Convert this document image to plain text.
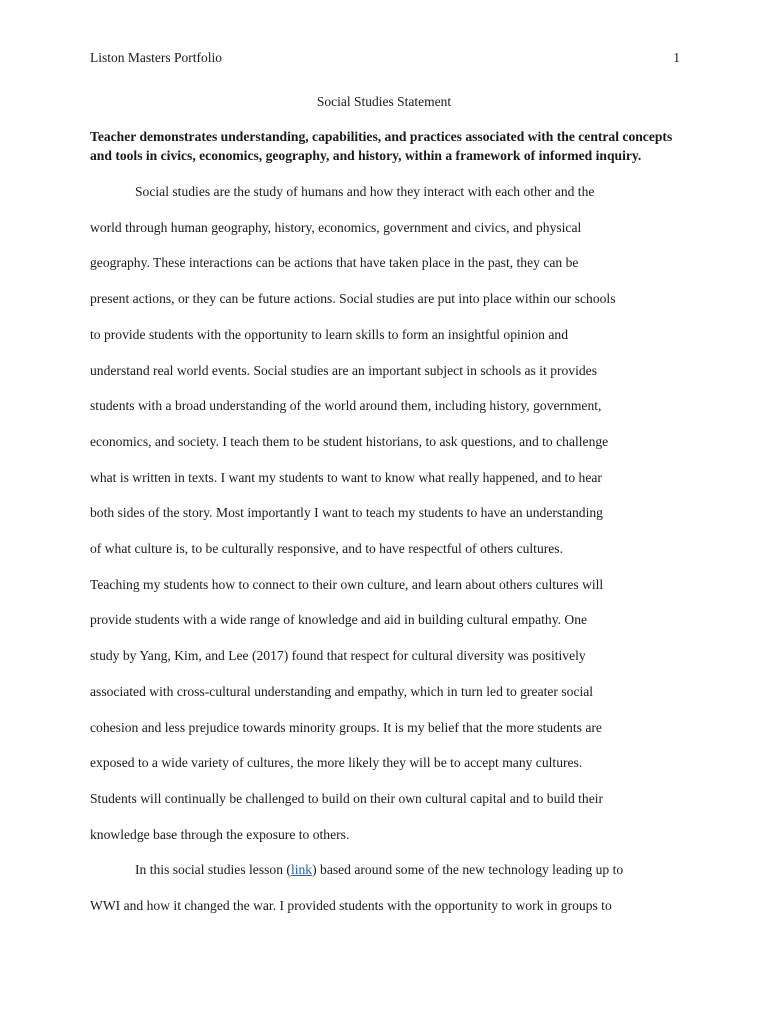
Liston Masters Portfolio	1
Social Studies Statement

Teacher demonstrates understanding, capabilities, and practices associated with the central concepts and tools in civics, economics, geography, and history, within a framework of informed inquiry.

Social studies are the study of humans and how they interact with each other and the
world through human geography, history, economics, government and civics, and physical
geography. These interactions can be actions that have taken place in the past, they can be
present actions, or they can be future actions. Social studies are put into place within our schools
to provide students with the opportunity to learn skills to form an insightful opinion and
understand real world events. Social studies are an important subject in schools as it provides
students with a broad understanding of the world around them, including history, government,
economics, and society. I teach them to be student historians, to ask questions, and to challenge
what is written in texts. I want my students to want to know what really happened, and to hear
both sides of the story. Most importantly I want to teach my students to have an understanding
of what culture is, to be culturally responsive, and to have respectful of others cultures.
Teaching my students how to connect to their own culture, and learn about others cultures will
provide students with a wide range of knowledge and aid in building cultural empathy. One
study by Yang, Kim, and Lee (2017) found that respect for cultural diversity was positively
associated with cross-cultural understanding and empathy, which in turn led to greater social
cohesion and less prejudice towards minority groups. It is my belief that the more students are
exposed to a wide variety of cultures, the more likely they will be to accept many cultures.
Students will continually be challenged to build on their own cultural capital and to build their
knowledge base through the exposure to others.

In this social studies lesson (link) based around some of the new technology leading up to
WWI and how it changed the war. I provided students with the opportunity to work in groups to
